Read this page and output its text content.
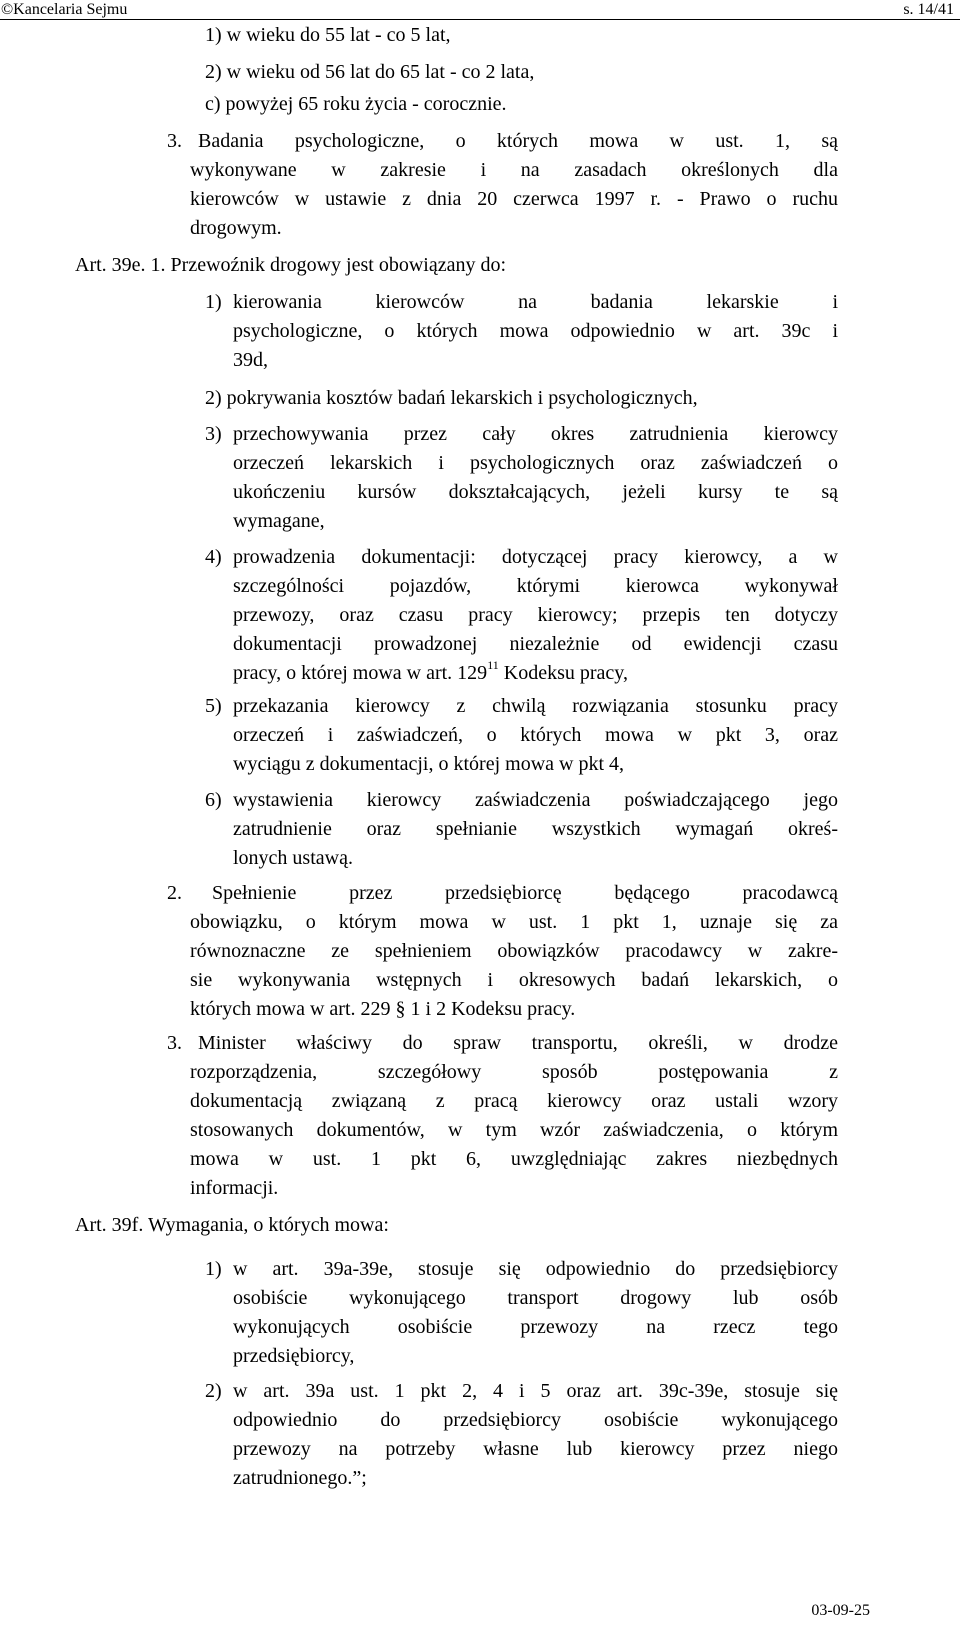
©Kancelaria Sejmu	s. 14/41
1) w wieku do 55 lat - co 5 lat,
2) w wieku od 56 lat do 65 lat - co 2 lata,
c) powyżej 65 roku życia - corocznie.
3. Badania psychologiczne, o których mowa w ust. 1, są
wykonywane w zakresie i na zasadach określonych dla
kierowców w ustawie z dnia 20 czerwca 1997 r. - Prawo o ruchu
drogowym.
Art. 39e. 1. Przewoźnik drogowy jest obowiązany do:
1) kierowania kierowców na badania lekarskie i
psychologiczne, o których mowa odpowiednio w art. 39c i
39d,
2) pokrywania kosztów badań lekarskich i psychologicznych,
3) przechowywania przez cały okres zatrudnienia kierowcy
orzeczeń lekarskich i psychologicznych oraz zaświadczeń o
ukończeniu kursów dokształcających, jeżeli kursy te są
wymagane,
4) prowadzenia dokumentacji: dotyczącej pracy kierowcy, a w
szczególności pojazdów, którymi kierowca wykonywał
przewozy, oraz czasu pracy kierowcy; przepis ten dotyczy
dokumentacji prowadzonej niezależnie od ewidencji czasu
pracy, o której mowa w art. $129^{11}$ Kodeksu pracy,
5) przekazania kierowcy z chwilą rozwiązania stosunku pracy
orzeczeń i zaświadczeń, o których mowa w pkt 3, oraz
wyciągu z dokumentacji, o której mowa w pkt 4,
6) wystawienia kierowcy zaświadczenia poświadczającego jego
zatrudnienie oraz spełnianie wszystkich wymagań okreś-
lonych ustawą.
2. Spełnienie przez przedsiębiorcę będącego pracodawcą
obowiązku, o którym mowa w ust. 1 pkt 1, uznaje się za
równoznaczne ze spełnieniem obowiązków pracodawcy w zakre-
sie wykonywania wstępnych i okresowych badań lekarskich, o
których mowa w art. 229 § 1 i 2 Kodeksu pracy.
3. Minister właściwy do spraw transportu, określi, w drodze
rozporządzenia, szczegółowy sposób postępowania z
dokumentacją związaną z pracą kierowcy oraz ustali wzory
stosowanych dokumentów, w tym wzór zaświadczenia, o którym
mowa w ust. 1 pkt 6, uwzględniając zakres niezbędnych
informacji.
Art. 39f. Wymagania, o których mowa:
1) w art. 39a-39e, stosuje się odpowiednio do przedsiębiorcy
osobiście wykonującego transport drogowy lub osób
wykonujących osobiście przewozy na rzecz tego
przedsiębiorcy,
2) w art. 39a ust. 1 pkt 2, 4 i 5 oraz art. 39c-39e, stosuje się
odpowiednio do przedsiębiorcy osobiście wykonującego
przewozy na potrzeby własne lub kierowcy przez niego
zatrudnionego.”;
03-09-25
